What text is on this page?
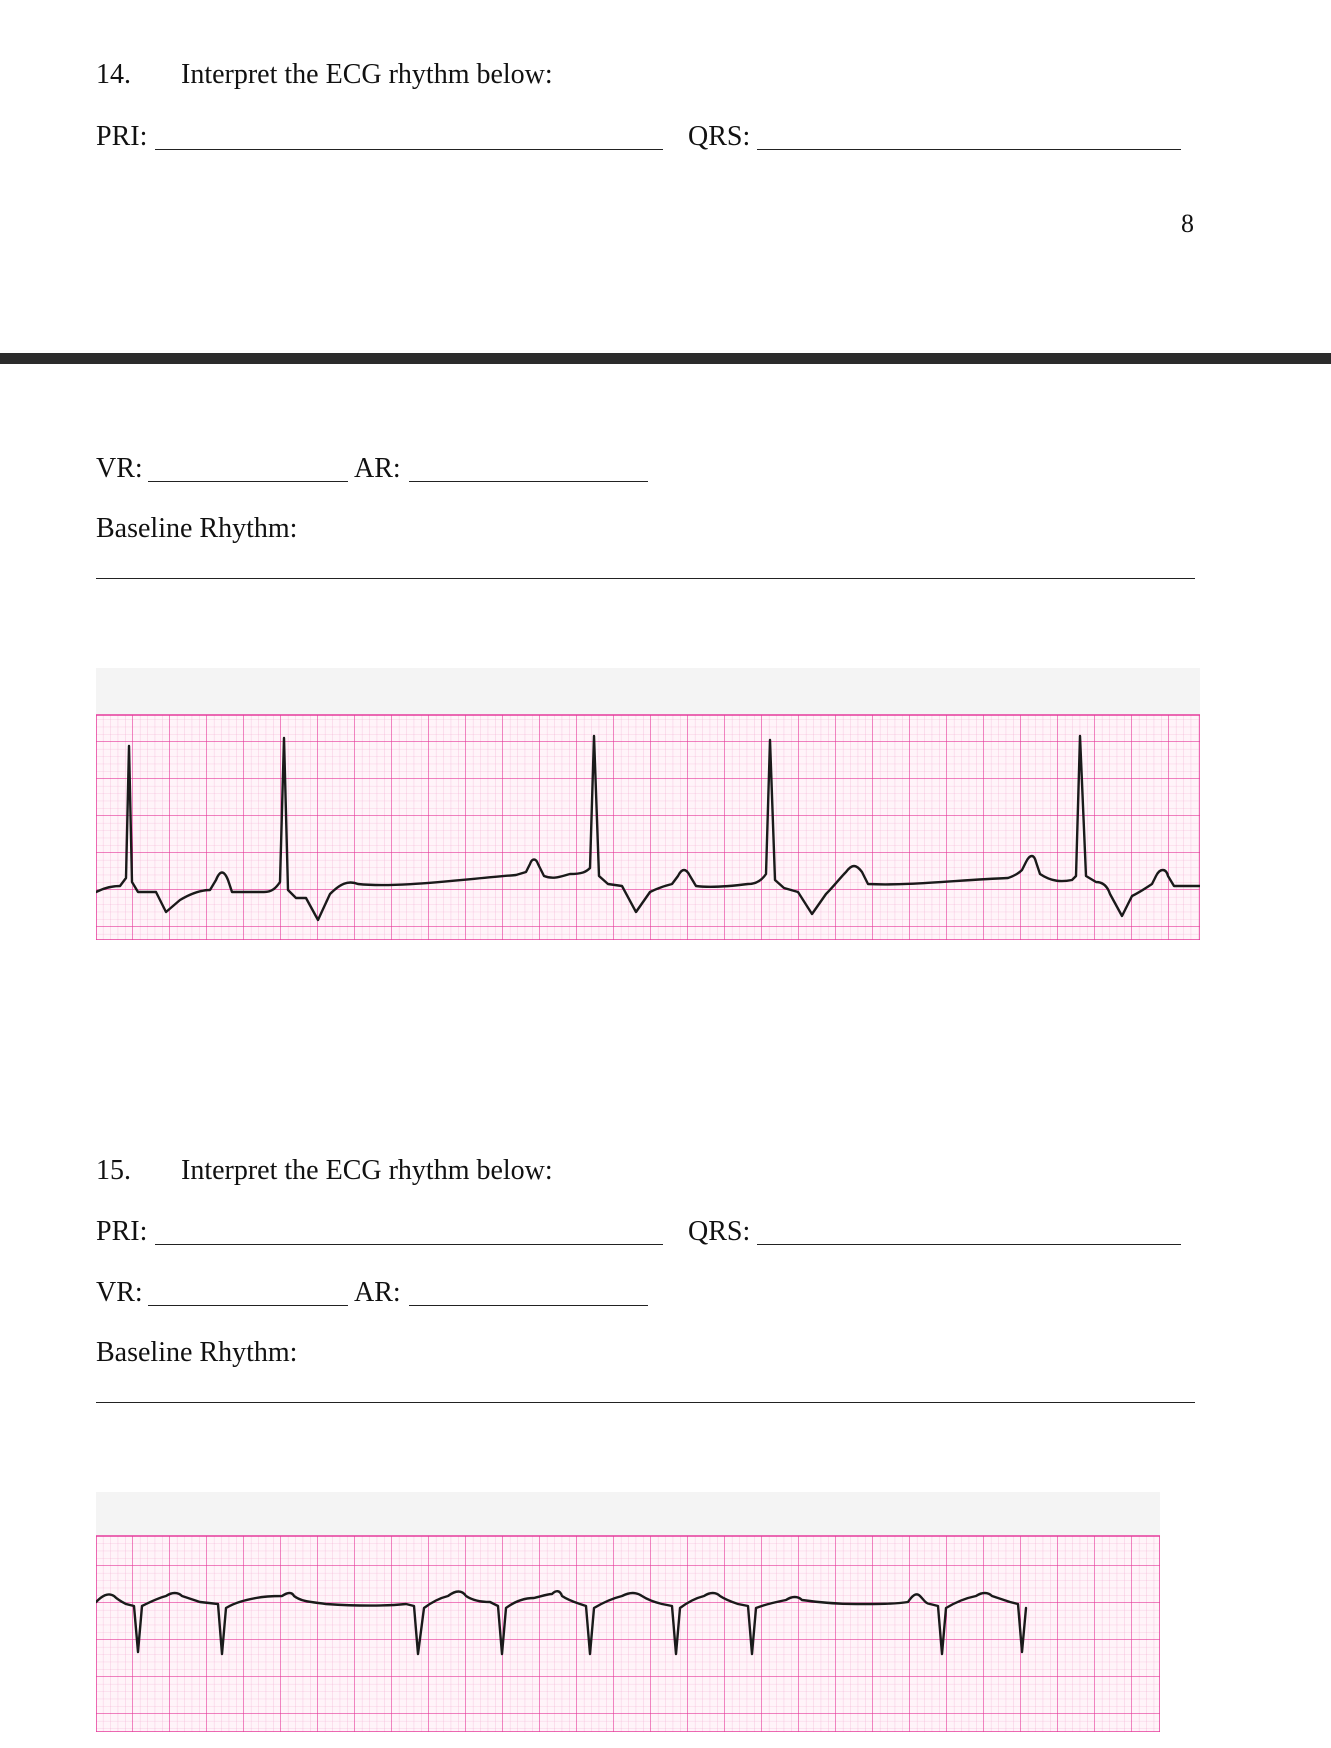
14. Interpret the ECG rhythm below:
PRI:	QRS:
8
VR:	AR:
Baseline Rhythm:
15. Interpret the ECG rhythm below:
PRI:	QRS:
VR:	AR:
Baseline Rhythm:
